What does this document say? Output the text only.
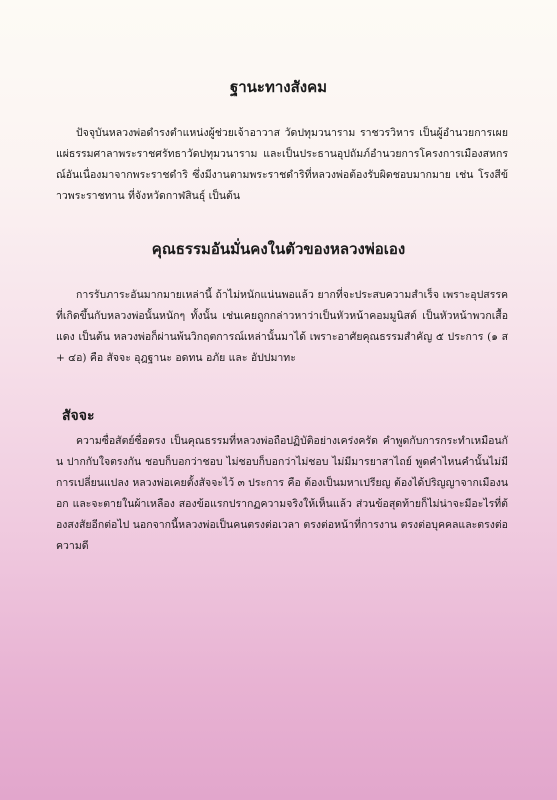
ฐานะทางสังคม

ปัจจุบันหลวงพ่อดำรงตำแหน่งผู้ช่วยเจ้าอาวาส วัดปทุมวนาราม ราชวรวิหาร เป็นผู้อำนวยการเผยแผ่ธรรมศาลาพระราชศรัทธาวัดปทุมวนาราม และเป็นประธานอุปถัมภ์อำนวยการโครงการเมืองสหกรณ์อันเนื่องมาจากพระราชดำริ ซึ่งมีงานตามพระราชดำริที่หลวงพ่อต้องรับผิดชอบมากมาย เช่น โรงสีข้าวพระราชทาน ที่จังหวัดกาฬสินธุ์ เป็นต้น

คุณธรรมอันมั่นคงในตัวของหลวงพ่อเอง

การรับภาระอันมากมายเหล่านี้ ถ้าไม่หนักแน่นพอแล้ว ยากที่จะประสบความสำเร็จ เพราะอุปสรรคที่เกิดขึ้นกับหลวงพ่อนั้นหนักๆ ทั้งนั้น เช่นเคยถูกกล่าวหาว่าเป็นหัวหน้าคอมมูนิสต์ เป็นหัวหน้าพวกเสื้อแดง เป็นต้น หลวงพ่อก็ผ่านพ้นวิกฤตการณ์เหล่านั้นมาได้ เพราะอาศัยคุณธรรมสำคัญ ๕ ประการ (๑ ส + ๔อ) คือ สัจจะ อุฎฐานะ อดทน อภัย และ อัปปมาทะ

สัจจะ

ความซื่อสัตย์ซื่อตรง เป็นคุณธรรมที่หลวงพ่อถือปฏิบัติอย่างเคร่งครัด คำพูดกับการกระทำเหมือนกัน ปากกับใจตรงกัน ชอบก็บอกว่าชอบ ไม่ชอบก็บอกว่าไม่ชอบ ไม่มีมารยาสาไถย์ พูดคำไหนคำนั้นไม่มีการเปลี่ยนแปลง หลวงพ่อเคยตั้งสัจจะไว้ ๓ ประการ คือ ต้องเป็นมหาเปรียญ ต้องได้ปริญญาจากเมืองนอก และจะตายในผ้าเหลือง สองข้อแรกปรากฏความจริงให้เห็นแล้ว ส่วนข้อสุดท้ายก็ไม่น่าจะมีอะไรที่ต้องสงสัยอีกต่อไป นอกจากนี้หลวงพ่อเป็นคนตรงต่อเวลา ตรงต่อหน้าที่การงาน ตรงต่อบุคคลและตรงต่อความดี
